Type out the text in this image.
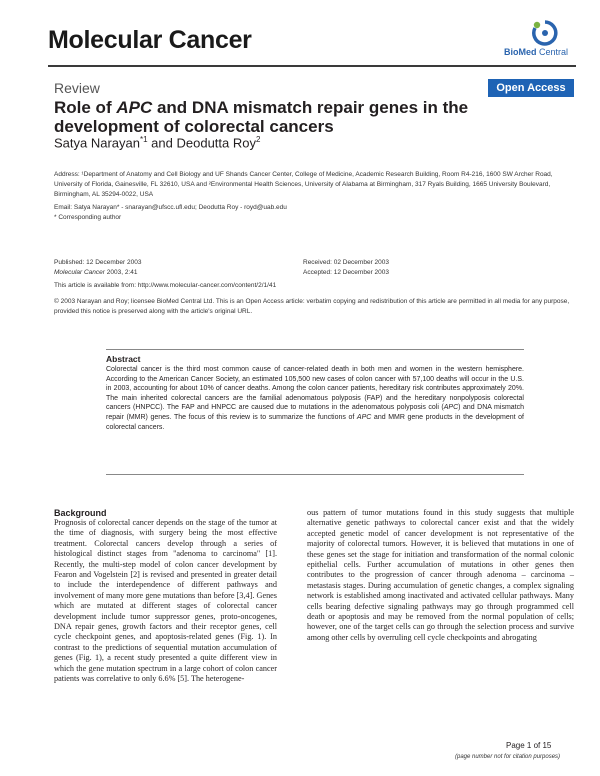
Molecular Cancer	BioMed Central
Review	Open Access
Role of APC and DNA mismatch repair genes in the development of colorectal cancers
Satya Narayan$^{*1}$ and Deodutta Roy$^2$
Address: ¹Department of Anatomy and Cell Biology and UF Shands Cancer Center, College of Medicine, Academic Research Building, Room R4-216, 1600 SW Archer Road, University of Florida, Gainesville, FL 32610, USA and ²Environmental Health Sciences, University of Alabama at Birmingham, 317 Ryals Building, 1665 University Boulevard, Birmingham, AL 35294-0022, USA
Email: Satya Narayan* - snarayan@ufscc.ufl.edu; Deodutta Roy - royd@uab.edu
* Corresponding author
Published: 12 December 2003	Received: 02 December 2003
Molecular Cancer 2003, 2:41	Accepted: 12 December 2003
This article is available from: http://www.molecular-cancer.com/content/2/1/41
© 2003 Narayan and Roy; licensee BioMed Central Ltd. This is an Open Access article: verbatim copying and redistribution of this article are permitted in all media for any purpose, provided this notice is preserved along with the article's original URL.
Abstract
Colorectal cancer is the third most common cause of cancer-related death in both men and women in the western hemisphere. According to the American Cancer Society, an estimated 105,500 new cases of colon cancer with 57,100 deaths will occur in the U.S. in 2003, accounting for about 10% of cancer deaths. Among the colon cancer patients, hereditary risk contributes approximately 20%. The main inherited colorectal cancers are the familial adenomatous polyposis (FAP) and the hereditary nonpolyposis colorectal cancers (HNPCC). The FAP and HNPCC are caused due to mutations in the adenomatous polyposis coli (APC) and DNA mismatch repair (MMR) genes. The focus of this review is to summarize the functions of APC and MMR gene products in the development of colorectal cancers.
Background
Prognosis of colorectal cancer depends on the stage of the tumor at the time of diagnosis, with surgery being the most effective treatment. Colorectal cancers develop through a series of histological distinct stages from "adenoma to carcinoma" [1]. Recently, the multi-step model of colon cancer development by Fearon and Vogelstein [2] is revised and presented in greater detail to include the interdependence of different pathways and involvement of many more gene mutations than before [3,4]. Genes which are mutated at different stages of colorectal cancer development include tumor suppressor genes, proto-oncogenes, DNA repair genes, growth factors and their receptor genes, cell cycle checkpoint genes, and apoptosis-related genes (Fig. 1). In contrast to the predictions of sequential mutation accumulation of genes (Fig. 1), a recent study presented a quite different view in which the gene mutation spectrum in a large cohort of colon cancer patients was correlative to only 6.6% [5]. The heterogene-
ous pattern of tumor mutations found in this study suggests that multiple alternative genetic pathways to colorectal cancer exist and that the widely accepted genetic model of cancer development is not representative of the majority of colorectal tumors. However, it is believed that mutations in one of these genes set the stage for initiation and transformation of the normal colonic epithelial cells. Further accumulation of mutations in other genes then contributes to the progression of cancer through adenoma – carcinoma – metastasis stages. During accumulation of genetic changes, a complex signaling network is established among inactivated and activated cellular pathways. Many cells bearing defective signaling pathways may go through programmed cell death or apoptosis and may be removed from the normal population of cells; however, one of the target cells can go through the selection process and survive among other cells by overruling cell cycle checkpoints and abrogating
Page 1 of 15
(page number not for citation purposes)
